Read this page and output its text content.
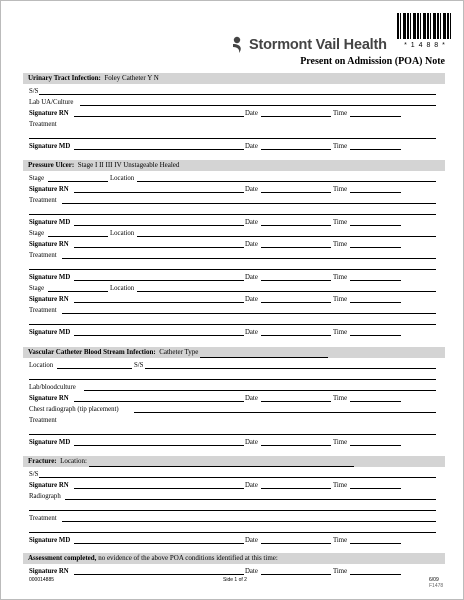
* 1 4 8 8 *
Stormont Vail Health
Present on Admission (POA) Note
Urinary Tract Infection: Foley Catheter Y N
S/S
Lab UA/Culture
Signature RN	Date	Time
Treatment
Signature MD	Date	Time
Pressure Ulcer: Stage I II III IV Unstageable Healed
Stage	Location
Signature RN	Date	Time
Treatment
Signature MD	Date	Time
Stage	Location
Signature RN	Date	Time
Treatment
Signature MD	Date	Time
Stage	Location
Signature RN	Date	Time
Treatment
Signature MD	Date	Time
Vascular Catheter Blood Stream Infection: Catheter Type
Location	S/S
Lab/bloodculture
Signature RN	Date	Time
Chest radiograph (tip placement)
Treatment
Signature MD	Date	Time
Fracture: Location:
S/S
Signature RN	Date	Time
Radiograph
Treatment
Signature MD	Date	Time
Assessment completed, no evidence of the above POA conditions identified at this time:
Signature RN	Date	Time
000014885	Side 1 of 2	6/09
F1478
